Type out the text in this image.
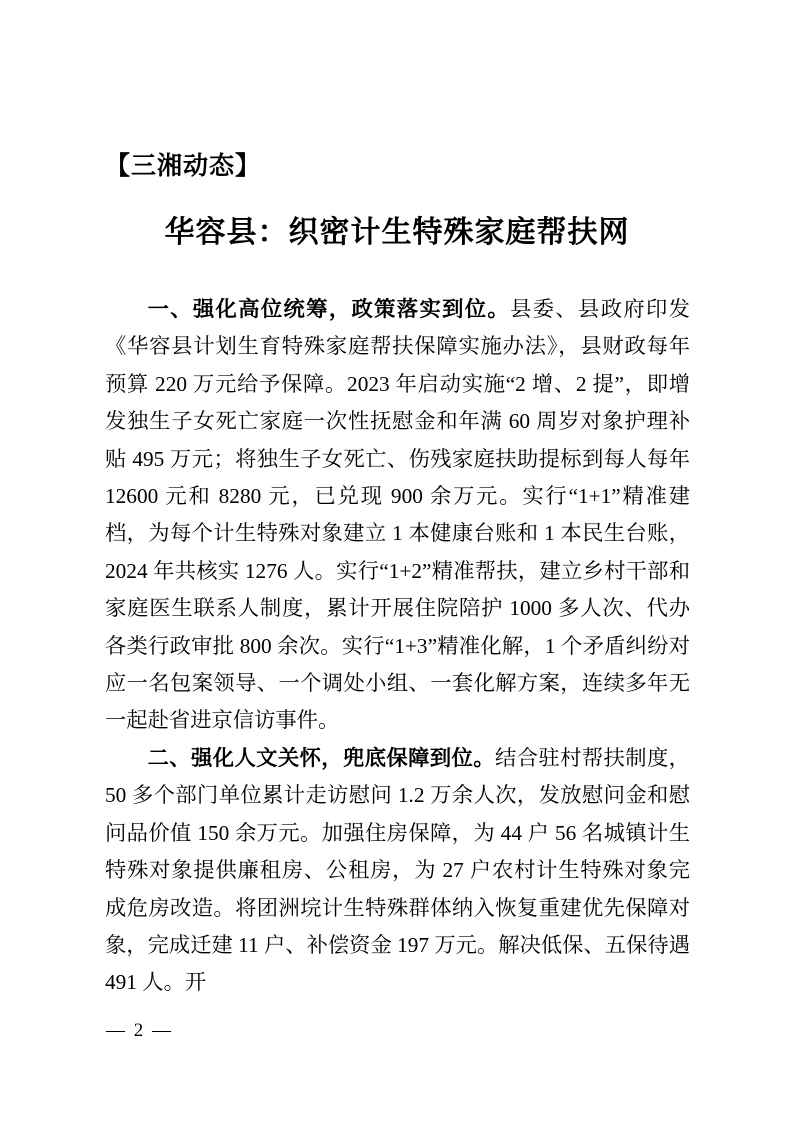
【三湘动态】
华容县：织密计生特殊家庭帮扶网

一、强化高位统筹，政策落实到位。县委、县政府印发《华容县计划生育特殊家庭帮扶保障实施办法》，县财政每年预算 220 万元给予保障。2023 年启动实施“2 增、2 提”，即增发独生子女死亡家庭一次性抚慰金和年满 60 周岁对象护理补贴 495 万元；将独生子女死亡、伤残家庭扶助提标到每人每年 12600 元和 8280 元，已兑现 900 余万元。实行“1+1”精准建档，为每个计生特殊对象建立 1 本健康台账和 1 本民生台账，2024 年共核实 1276 人。实行“1+2”精准帮扶，建立乡村干部和家庭医生联系人制度，累计开展住院陪护 1000 多人次、代办各类行政审批 800 余次。实行“1+3”精准化解，1 个矛盾纠纷对应一名包案领导、一个调处小组、一套化解方案，连续多年无一起赴省进京信访事件。

二、强化人文关怀，兜底保障到位。结合驻村帮扶制度，50 多个部门单位累计走访慰问 1.2 万余人次，发放慰问金和慰问品价值 150 余万元。加强住房保障，为 44 户 56 名城镇计生特殊对象提供廉租房、公租房，为 27 户农村计生特殊对象完成危房改造。将团洲垸计生特殊群体纳入恢复重建优先保障对象，完成迁建 11 户、补偿资金 197 万元。解决低保、五保待遇 491 人。开

— 2 —
